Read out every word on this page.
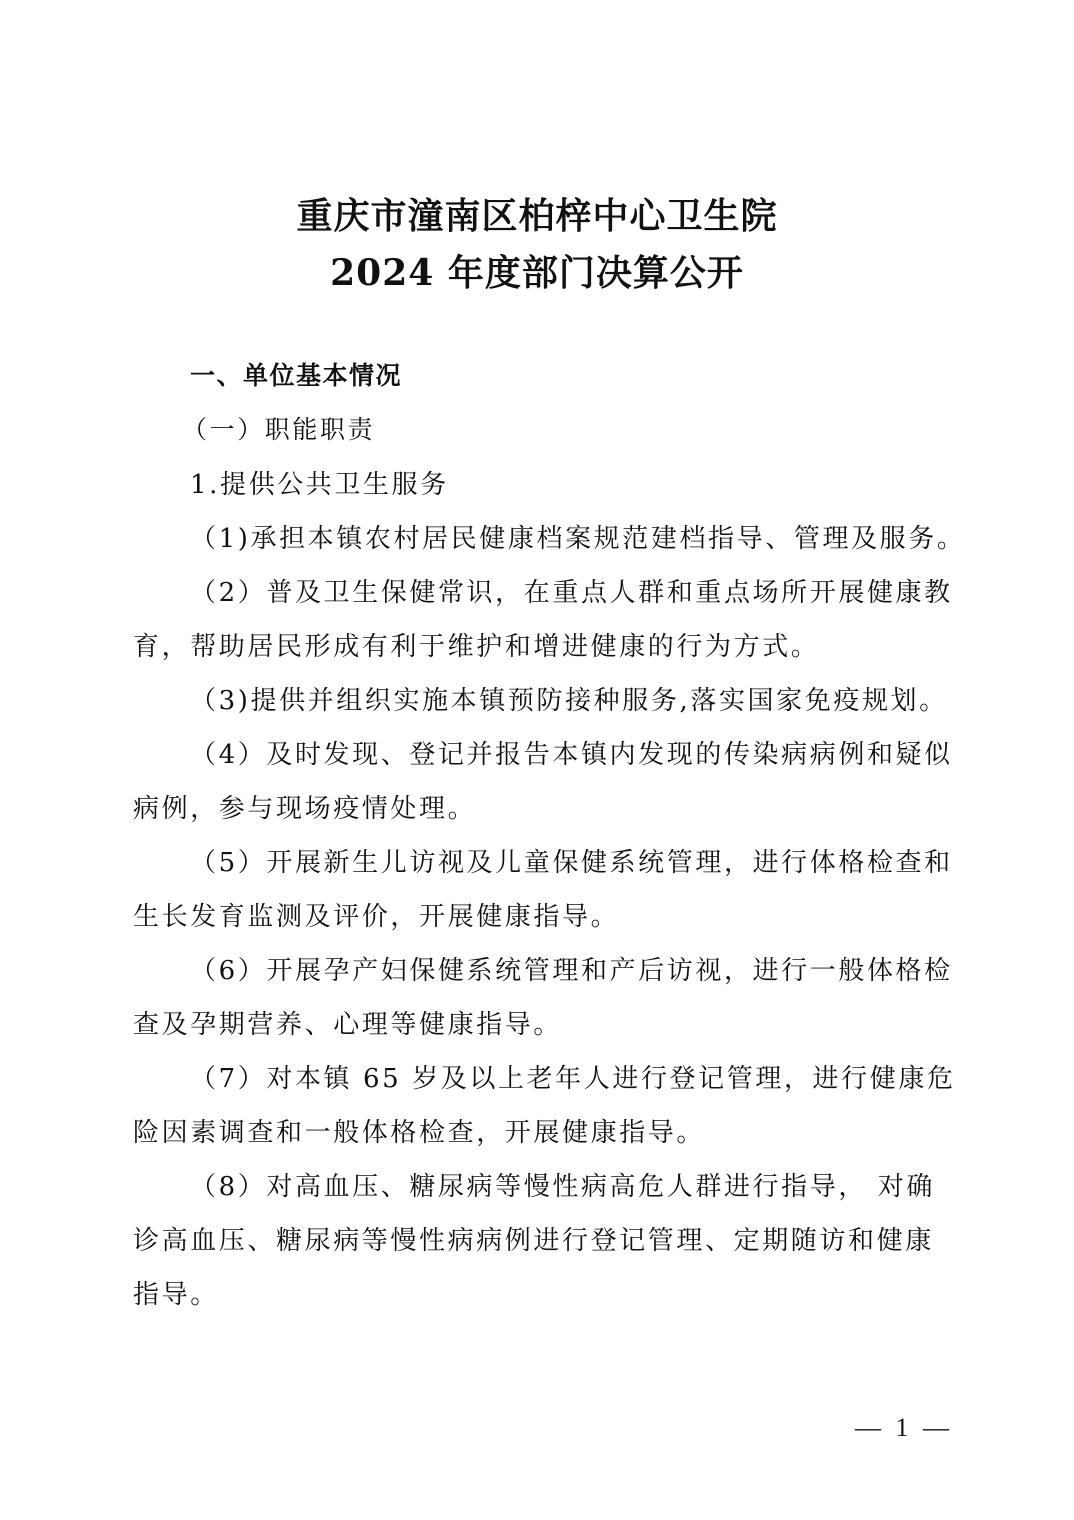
重庆市潼南区柏梓中心卫生院
2024 年度部门决算公开
一、单位基本情况
（一）职能职责
1.提供公共卫生服务
（1)承担本镇农村居民健康档案规范建档指导、管理及服务。
（2）普及卫生保健常识，在重点人群和重点场所开展健康教
育，帮助居民形成有利于维护和增进健康的行为方式。
（3)提供并组织实施本镇预防接种服务,落实国家免疫规划。
（4）及时发现、登记并报告本镇内发现的传染病病例和疑似
病例，参与现场疫情处理。
（5）开展新生儿访视及儿童保健系统管理，进行体格检查和
生长发育监测及评价，开展健康指导。
（6）开展孕产妇保健系统管理和产后访视，进行一般体格检
查及孕期营养、心理等健康指导。
（7）对本镇 65 岁及以上老年人进行登记管理，进行健康危
险因素调查和一般体格检查，开展健康指导。
（8）对高血压、糖尿病等慢性病高危人群进行指导， 对确
诊高血压、糖尿病等慢性病病例进行登记管理、定期随访和健康
指导。
— 1 —
